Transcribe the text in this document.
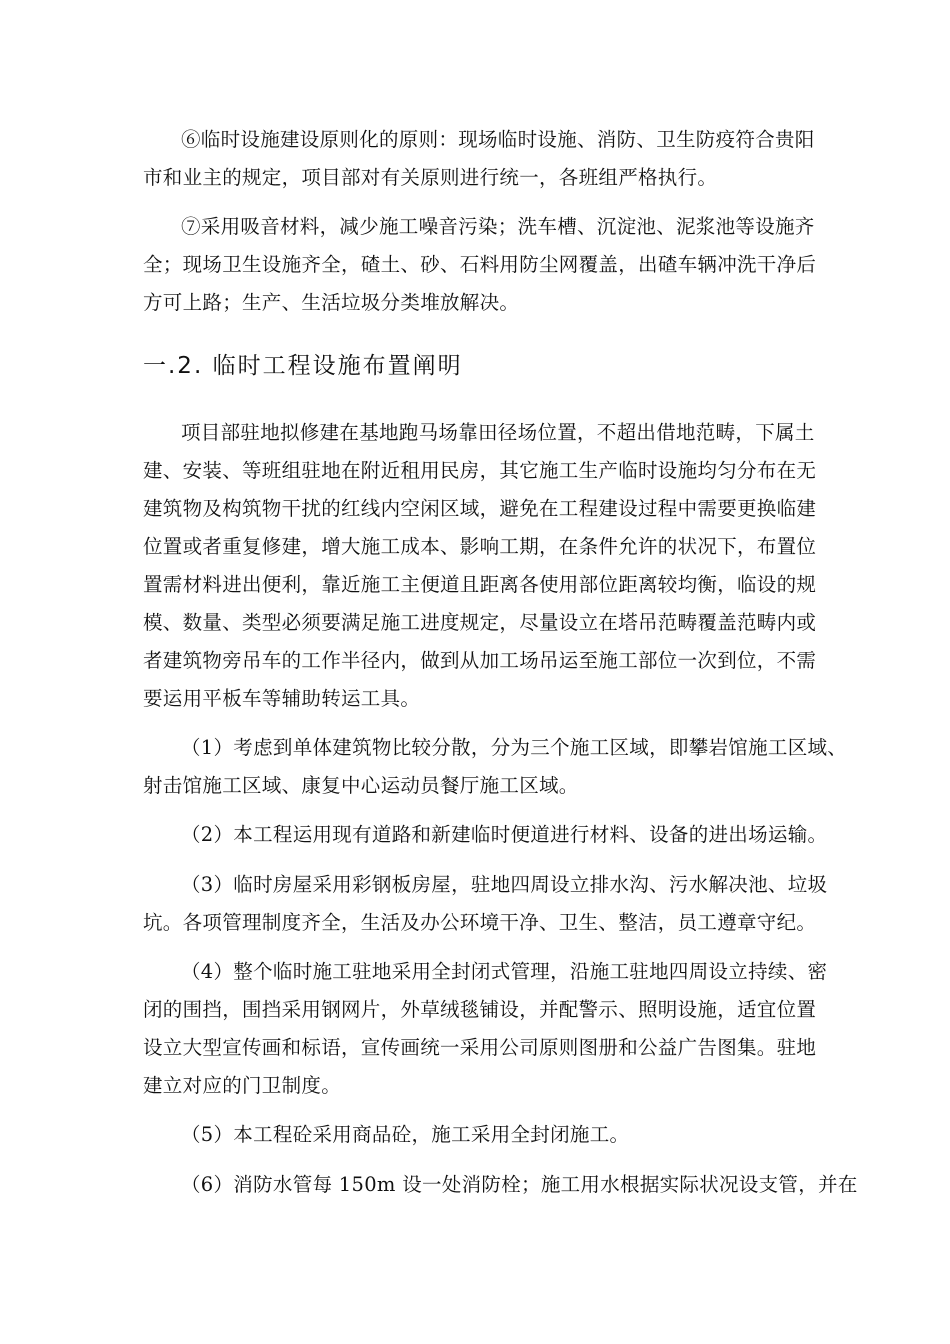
⑥临时设施建设原则化的原则：现场临时设施、消防、卫生防疫符合贵阳
市和业主的规定，项目部对有关原则进行统一，各班组严格执行。

⑦采用吸音材料，减少施工噪音污染；洗车槽、沉淀池、泥浆池等设施齐
全；现场卫生设施齐全，碴土、砂、石料用防尘网覆盖，出碴车辆冲洗干净后
方可上路；生产、生活垃圾分类堆放解决。

一.2. 临时工程设施布置阐明

项目部驻地拟修建在基地跑马场靠田径场位置，不超出借地范畴，下属土
建、安装、等班组驻地在附近租用民房，其它施工生产临时设施均匀分布在无
建筑物及构筑物干扰的红线内空闲区域，避免在工程建设过程中需要更换临建
位置或者重复修建，增大施工成本、影响工期，在条件允许的状况下，布置位
置需材料进出便利，靠近施工主便道且距离各使用部位距离较均衡，临设的规
模、数量、类型必须要满足施工进度规定，尽量设立在塔吊范畴覆盖范畴内或
者建筑物旁吊车的工作半径内，做到从加工场吊运至施工部位一次到位，不需
要运用平板车等辅助转运工具。

（1）考虑到单体建筑物比较分散，分为三个施工区域，即攀岩馆施工区域、
射击馆施工区域、康复中心运动员餐厅施工区域。

（2）本工程运用现有道路和新建临时便道进行材料、设备的进出场运输。

（3）临时房屋采用彩钢板房屋，驻地四周设立排水沟、污水解决池、垃圾
坑。各项管理制度齐全，生活及办公环境干净、卫生、整洁，员工遵章守纪。

（4）整个临时施工驻地采用全封闭式管理，沿施工驻地四周设立持续、密
闭的围挡，围挡采用钢网片，外草绒毯铺设，并配警示、照明设施，适宜位置
设立大型宣传画和标语，宣传画统一采用公司原则图册和公益广告图集。驻地
建立对应的门卫制度。

（5）本工程砼采用商品砼，施工采用全封闭施工。

（6）消防水管每 150m 设一处消防栓；施工用水根据实际状况设支管，并在
